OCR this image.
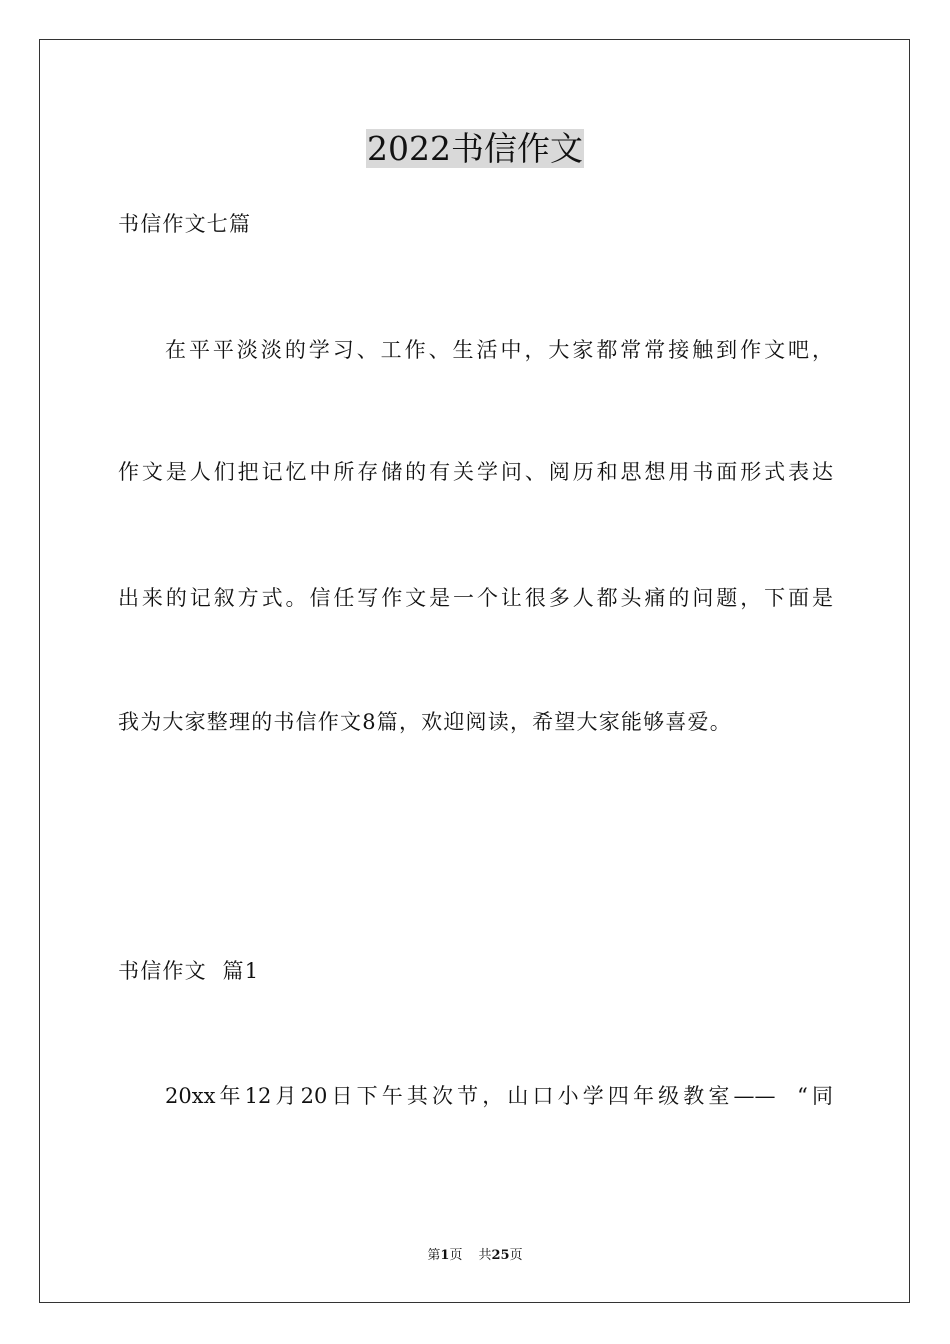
2022书信作文

书信作文七篇

在平平淡淡的学习、工作、生活中，大家都常常接触到作文吧，

作文是人们把记忆中所存储的有关学问、阅历和思想用书面形式表达

出来的记叙方式。信任写作文是一个让很多人都头痛的问题，下面是

我为大家整理的书信作文8篇，欢迎阅读，希望大家能够喜爱。

书信作文  篇1

20xx年12月20日下午其次节，山口小学四年级教室——  “同

第1页 共25页
